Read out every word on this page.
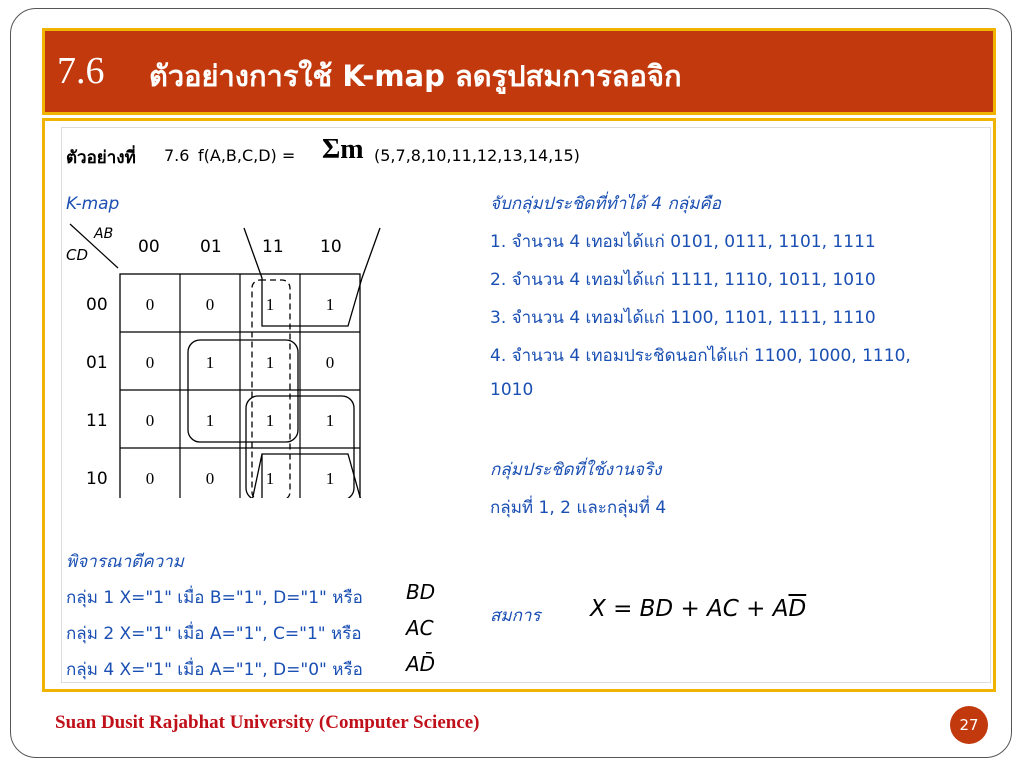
7.6 ตัวอย่างการใช้ K-map ลดรูปสมการลอจิก
ตัวอย่างที่ 7.6 f(A,B,C,D) = Σm (5,7,8,10,11,12,13,14,15)
K-map
CD
AB
00 01 11 10
00
01
11
10
0	0	1	1
0	1	1	0
0	1	1	1
0	0	1	1
จับกลุ่มประชิดที่ทำได้ 4 กลุ่มคือ
1. จำนวน 4 เทอมได้แก่ 0101, 0111, 1101, 1111
2. จำนวน 4 เทอมได้แก่ 1111, 1110, 1011, 1010
3. จำนวน 4 เทอมได้แก่ 1100, 1101, 1111, 1110
4. จำนวน 4 เทอมประชิดนอกได้แก่ 1100, 1000, 1110,
1010
กลุ่มประชิดที่ใช้งานจริง
กลุ่มที่ 1, 2 และกลุ่มที่ 4
พิจารณาตีความ
กลุ่ม 1 X="1" เมื่อ B="1", D="1" หรือ BD
กลุ่ม 2 X="1" เมื่อ A="1", C="1" หรือ AC
กลุ่ม 4 X="1" เมื่อ A="1", D="0" หรือ AD̄
สมการ X = BD + AC + $A\overline{D}$
Suan Dusit Rajabhat University (Computer Science)	27
